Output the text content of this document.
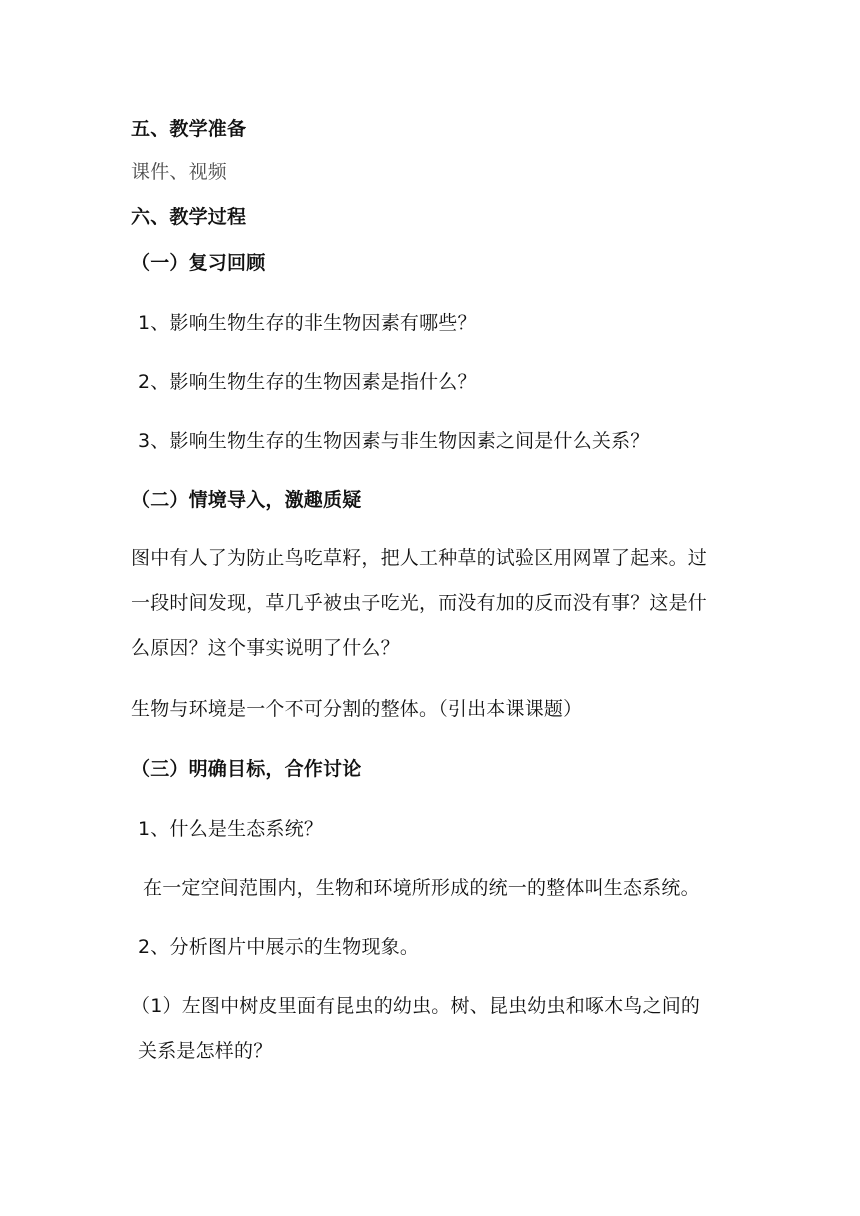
五、教学准备
课件、视频
六、教学过程
（一）复习回顾
1、影响生物生存的非生物因素有哪些？
2、影响生物生存的生物因素是指什么？
3、影响生物生存的生物因素与非生物因素之间是什么关系？
（二）情境导入，激趣质疑
图中有人了为防止鸟吃草籽，把人工种草的试验区用网罩了起来。过
一段时间发现，草几乎被虫子吃光，而没有加的反而没有事？这是什
么原因？这个事实说明了什么？
生物与环境是一个不可分割的整体。（引出本课课题）
（三）明确目标，合作讨论
1、什么是生态系统？
在一定空间范围内，生物和环境所形成的统一的整体叫生态系统。
2、分析图片中展示的生物现象。
（1）左图中树皮里面有昆虫的幼虫。树、昆虫幼虫和啄木鸟之间的
关系是怎样的？
